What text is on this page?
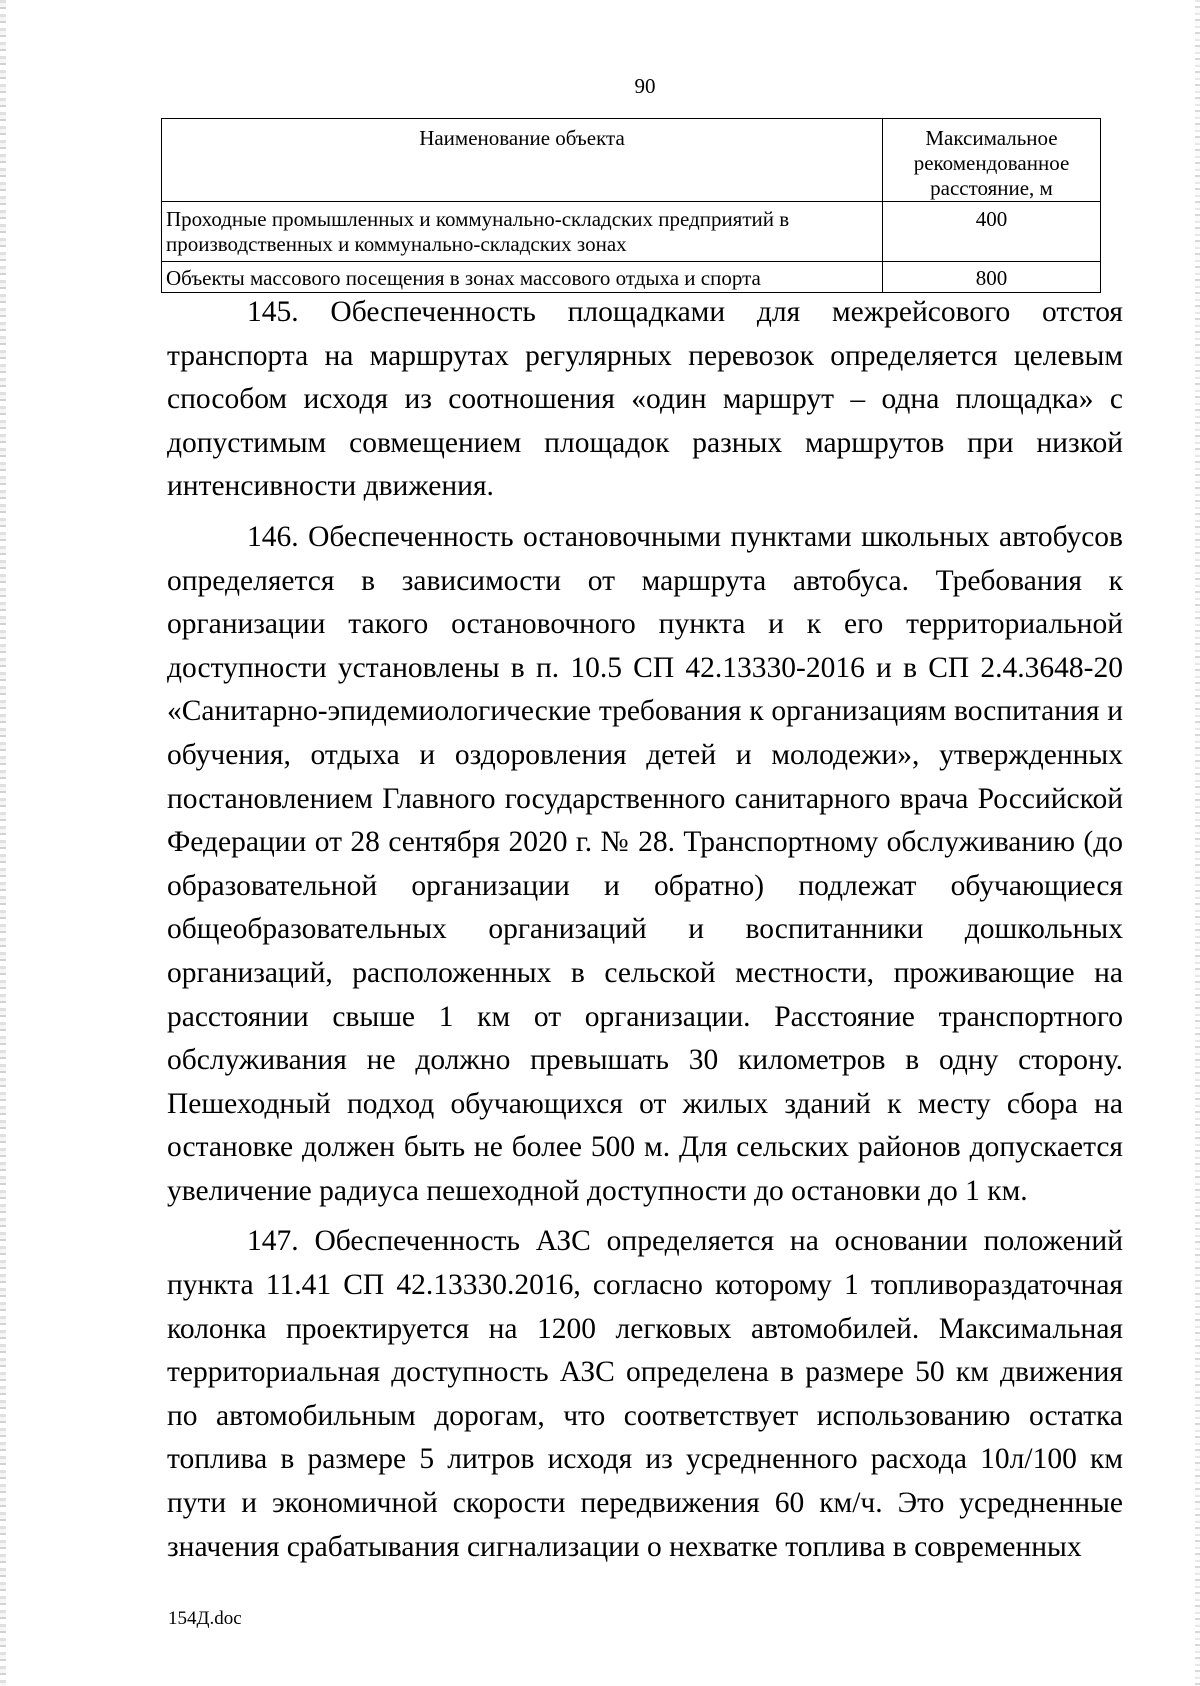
90
Наименование объекта	Максимальное рекомендованное расстояние, м
Проходные промышленных и коммунально-складских предприятий в производственных и коммунально-складских зонах	400
Объекты массового посещения в зонах массового отдыха и спорта	800

145. Обеспеченность площадками для межрейсового отстоя транспорта на маршрутах регулярных перевозок определяется целевым способом исходя из соотношения «один маршрут – одна площадка» с допустимым совмещением площадок разных маршрутов при низкой интенсивности движения.

146. Обеспеченность остановочными пунктами школьных автобусов определяется в зависимости от маршрута автобуса. Требования к организации такого остановочного пункта и к его территориальной доступности установлены в п. 10.5 СП 42.13330-2016 и в СП 2.4.3648-20 «Санитарно-эпидемиологические требования к организациям воспитания и обучения, отдыха и оздоровления детей и молодежи», утвержденных постановлением Главного государственного санитарного врача Российской Федерации от 28 сентября 2020 г. № 28. Транспортному обслуживанию (до образовательной организации и обратно) подлежат обучающиеся общеобразовательных организаций и воспитанники дошкольных организаций, расположенных в сельской местности, проживающие на расстоянии свыше 1 км от организации. Расстояние транспортного обслуживания не должно превышать 30 километров в одну сторону. Пешеходный подход обучающихся от жилых зданий к месту сбора на остановке должен быть не более 500 м. Для сельских районов допускается увеличение радиуса пешеходной доступности до остановки до 1 км.

147. Обеспеченность АЗС определяется на основании положений пункта 11.41 СП 42.13330.2016, согласно которому 1 топливораздаточная колонка проектируется на 1200 легковых автомобилей. Максимальная территориальная доступность АЗС определена в размере 50 км движения по автомобильным дорогам, что соответствует использованию остатка топлива в размере 5 литров исходя из усредненного расхода 10л/100 км пути и экономичной скорости передвижения 60 км/ч. Это усредненные значения срабатывания сигнализации о нехватке топлива в современных

154Д.doc
